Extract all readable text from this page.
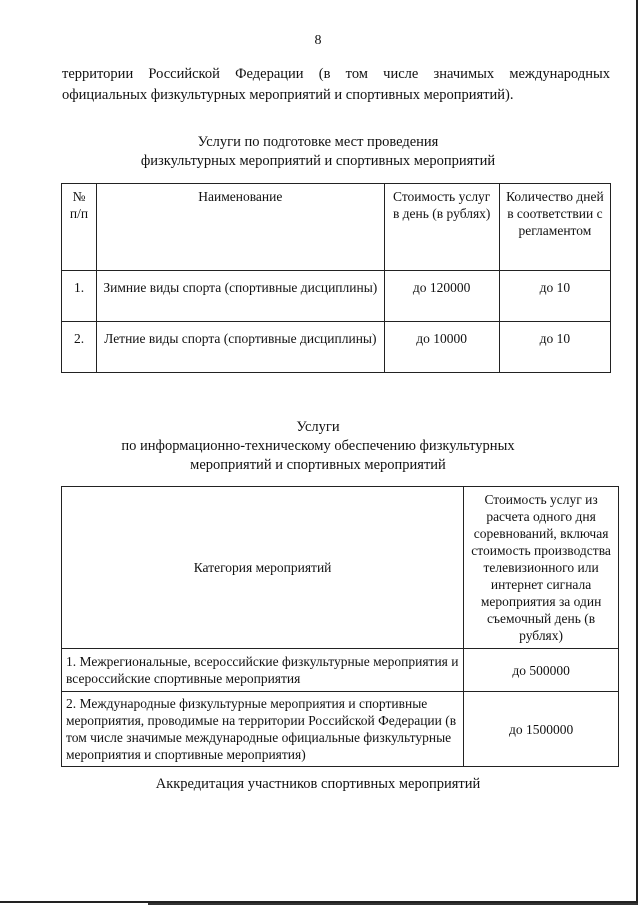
8
территории Российской Федерации (в том числе значимых международных официальных физкультурных мероприятий и спортивных мероприятий).
Услуги по подготовке мест проведения
физкультурных мероприятий и спортивных мероприятий
№ п/п	Наименование	Стоимость услуг в день (в рублях)	Количество дней в соответствии с регламентом
1.	Зимние виды спорта (спортивные дисциплины)	до 120000	до 10
2.	Летние виды спорта (спортивные дисциплины)	до 10000	до 10
Услуги
по информационно-техническому обеспечению физкультурных
мероприятий и спортивных мероприятий
Категория мероприятий	Стоимость услуг из расчета одного дня соревнований, включая стоимость производства телевизионного или интернет сигнала мероприятия за один съемочный день (в рублях)
1. Межрегиональные, всероссийские физкультурные мероприятия и всероссийские спортивные мероприятия	до 500000
2. Международные физкультурные мероприятия и спортивные мероприятия, проводимые на территории Российской Федерации (в том числе значимые международные официальные физкультурные мероприятия и спортивные мероприятия)	до 1500000
Аккредитация участников спортивных мероприятий
